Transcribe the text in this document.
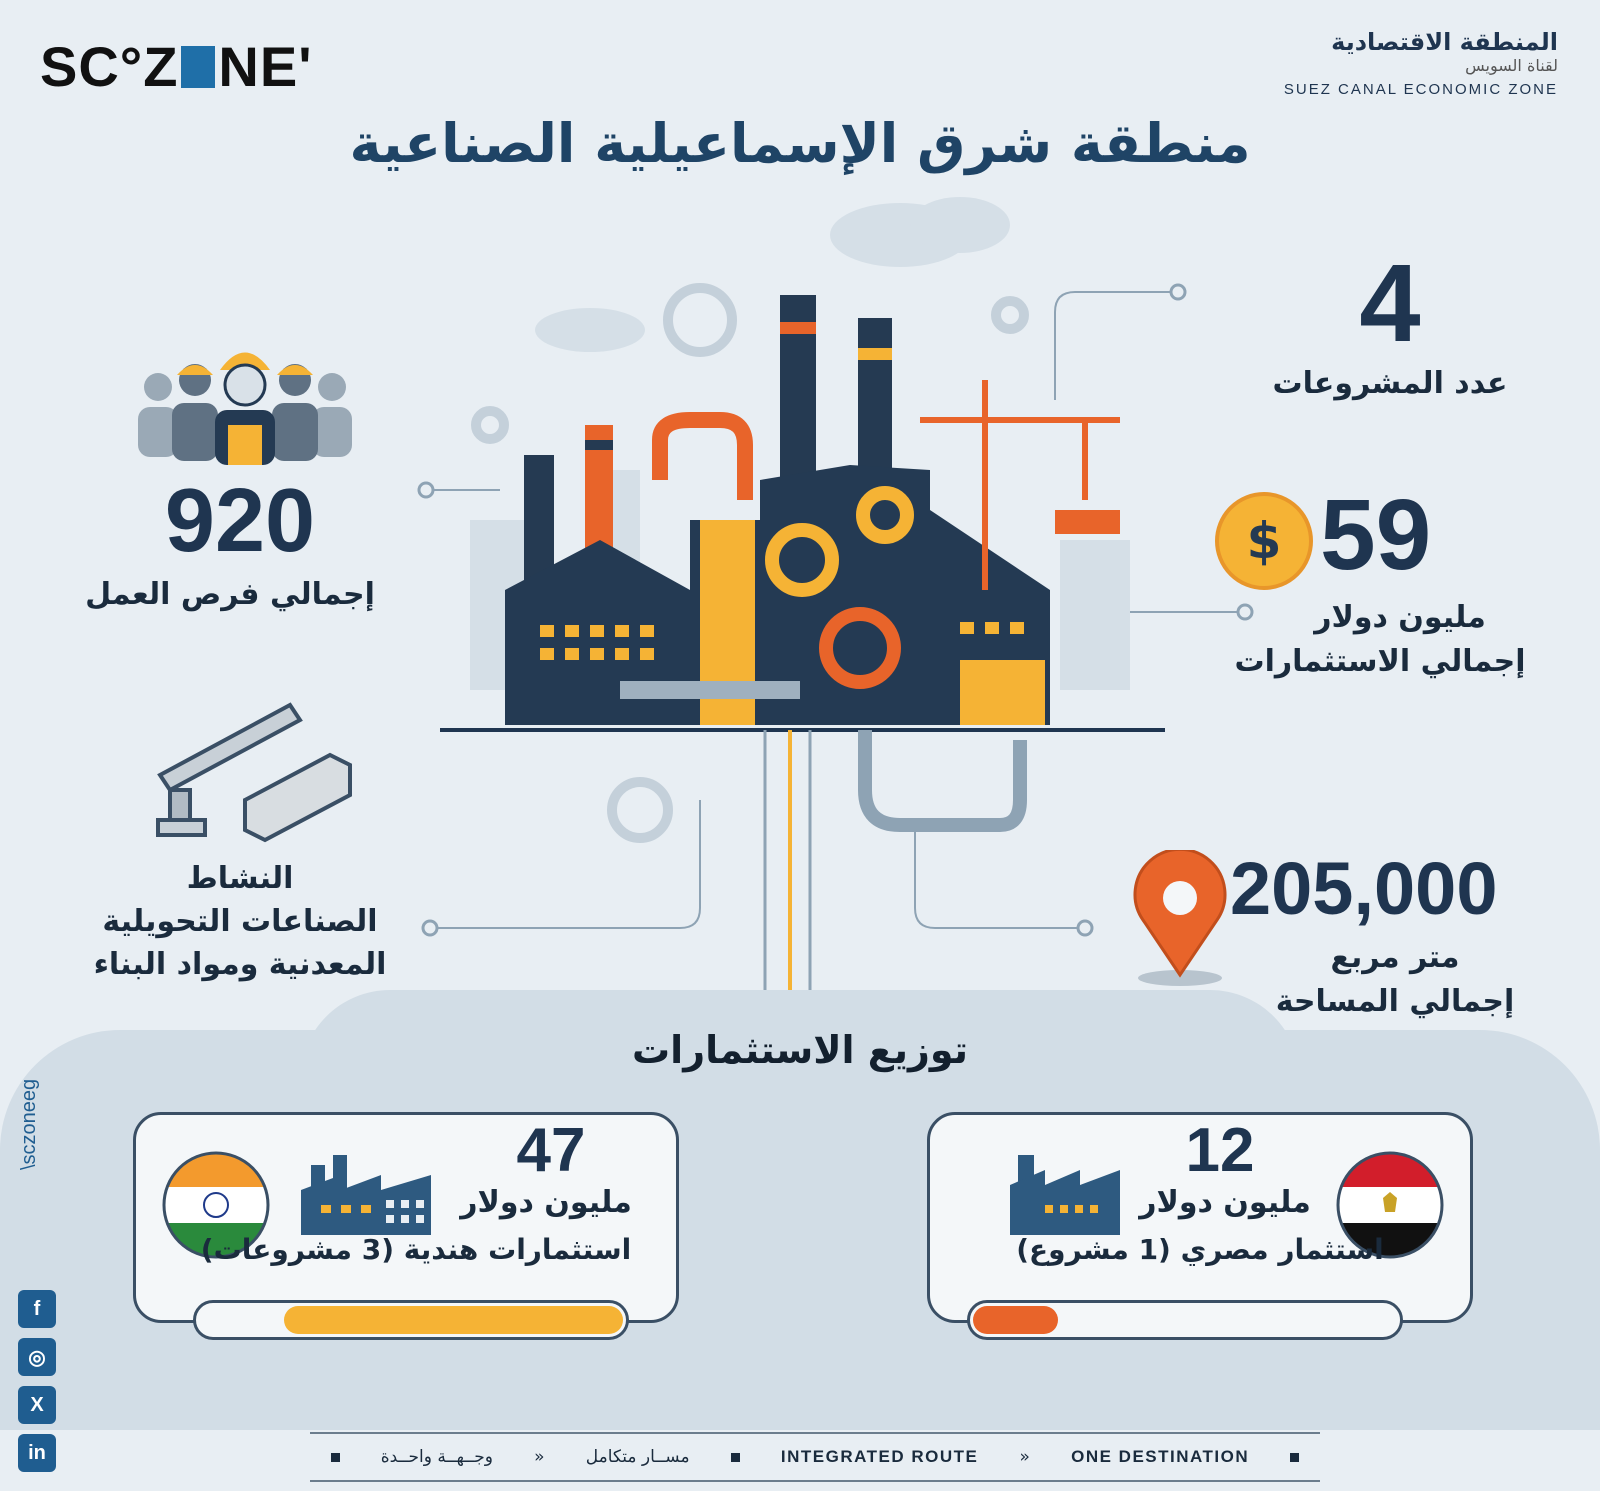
SC°Z NE'	المنطقة الاقتصادية
لقناة السويس
SUEZ CANAL ECONOMIC ZONE
منطقة شرق الإسماعيلية الصناعية
920
إجمالي فرص العمل
النشاط
الصناعات التحويلية
المعدنية ومواد البناء
4
عدد المشروعات
$ 59
مليون دولار
إجمالي الاستثمارات
205,000
متر مربع
إجمالي المساحة
توزيع الاستثمارات
47
مليون دولار
استثمارات هندية (3 مشروعات)
12
مليون دولار
استثمار مصري (1 مشروع)
\sczoneeg
f
◎
X
in	وجــهــة واحــدة » مســار متكامل	INTEGRATED ROUTE » ONE DESTINATION
